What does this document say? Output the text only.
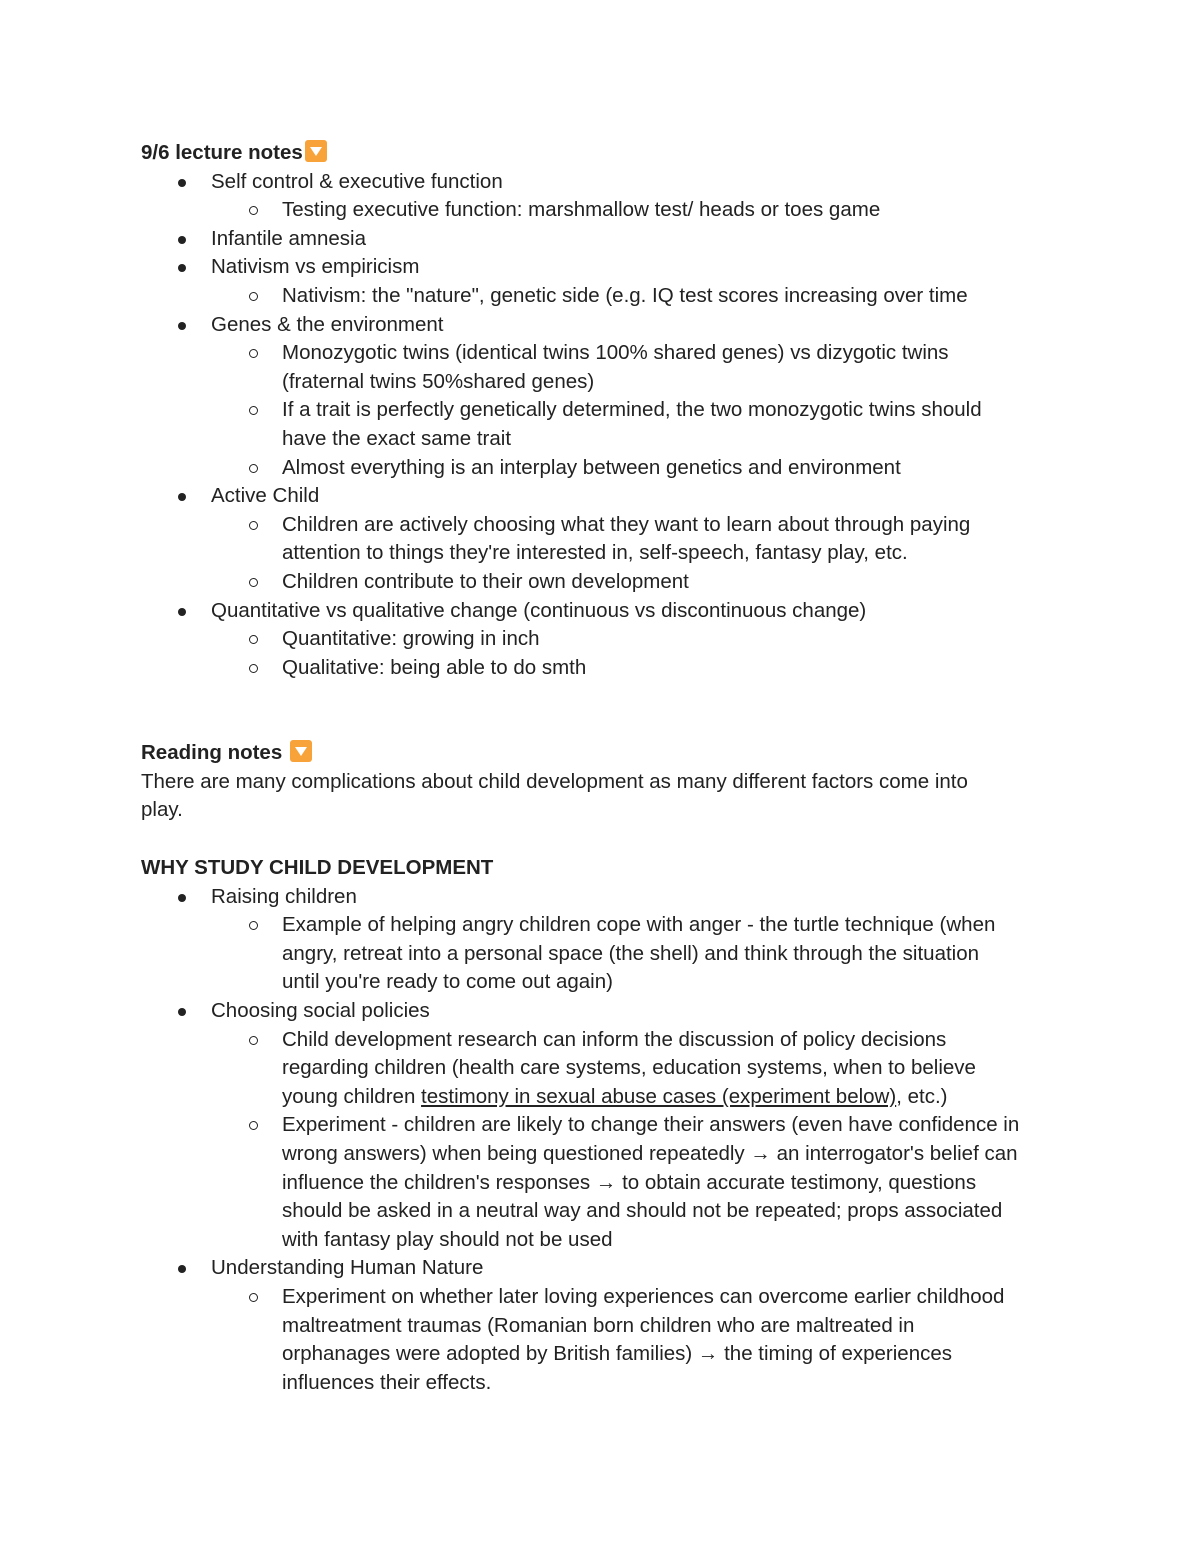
9/6 lecture notes
Self control & executive function
Testing executive function: marshmallow test/ heads or toes game
Infantile amnesia
Nativism vs empiricism
Nativism: the "nature", genetic side (e.g. IQ test scores increasing over time
Genes & the environment
Monozygotic twins (identical twins 100% shared genes) vs dizygotic twins
(fraternal twins 50%shared genes)
If a trait is perfectly genetically determined, the two monozygotic twins should
have the exact same trait
Almost everything is an interplay between genetics and environment
Active Child
Children are actively choosing what they want to learn about through paying
attention to things they're interested in, self-speech, fantasy play, etc.
Children contribute to their own development
Quantitative vs qualitative change (continuous vs discontinuous change)
Quantitative: growing in inch
Qualitative: being able to do smth
Reading notes
There are many complications about child development as many different factors come into
play.
WHY STUDY CHILD DEVELOPMENT
Raising children
Example of helping angry children cope with anger - the turtle technique (when
angry, retreat into a personal space (the shell) and think through the situation
until you're ready to come out again)
Choosing social policies
Child development research can inform the discussion of policy decisions
regarding children (health care systems, education systems, when to believe
young children testimony in sexual abuse cases (experiment below), etc.)
Experiment - children are likely to change their answers (even have confidence in
wrong answers) when being questioned repeatedly → an interrogator's belief can
influence the children's responses → to obtain accurate testimony, questions
should be asked in a neutral way and should not be repeated; props associated
with fantasy play should not be used
Understanding Human Nature
Experiment on whether later loving experiences can overcome earlier childhood
maltreatment traumas (Romanian born children who are maltreated in
orphanages were adopted by British families) → the timing of experiences
influences their effects.
